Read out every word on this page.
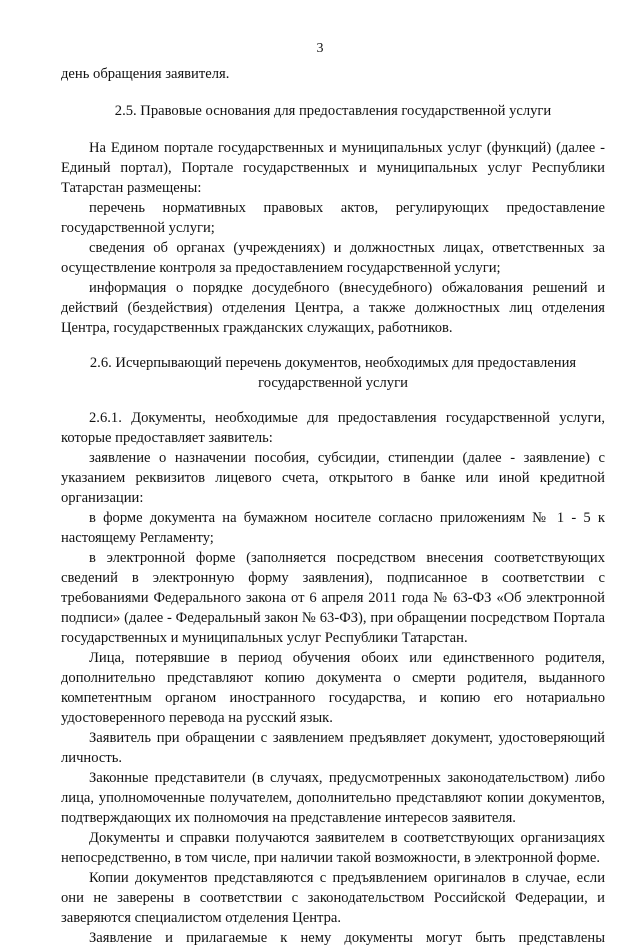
3

день обращения заявителя.

2.5. Правовые основания для предоставления государственной услуги

На Едином портале государственных и муниципальных услуг (функций) (далее - Единый портал), Портале государственных и муниципальных услуг Республики Татарстан размещены:

перечень нормативных правовых актов, регулирующих предоставление государственной услуги;

сведения об органах (учреждениях) и должностных лицах, ответственных за осуществление контроля за предоставлением государственной услуги;

информация о порядке досудебного (внесудебного) обжалования решений и действий (бездействия) отделения Центра, а также должностных лиц отделения Центра, государственных гражданских служащих, работников.

2.6. Исчерпывающий перечень документов, необходимых для предоставления государственной услуги

2.6.1. Документы, необходимые для предоставления государственной услуги, которые предоставляет заявитель:

заявление о назначении пособия, субсидии, стипендии (далее - заявление) с указанием реквизитов лицевого счета, открытого в банке или иной кредитной организации:

в форме документа на бумажном носителе согласно приложениям № 1 - 5 к настоящему Регламенту;

в электронной форме (заполняется посредством внесения соответствующих сведений в электронную форму заявления), подписанное в соответствии с требованиями Федерального закона от 6 апреля 2011 года № 63-ФЗ «Об электронной подписи» (далее - Федеральный закон № 63-ФЗ), при обращении посредством Портала государственных и муниципальных услуг Республики Татарстан.

Лица, потерявшие в период обучения обоих или единственного родителя, дополнительно представляют копию документа о смерти родителя, выданного компетентным органом иностранного государства, и копию его нотариально удостоверенного перевода на русский язык.

Заявитель при обращении с заявлением предъявляет документ, удостоверяющий личность.

Законные представители (в случаях, предусмотренных законодательством) либо лица, уполномоченные получателем, дополнительно представляют копии документов, подтверждающих их полномочия на представление интересов заявителя.

Документы и справки получаются заявителем в соответствующих организациях непосредственно, в том числе, при наличии такой возможности, в электронной форме.

Копии документов представляются с предъявлением оригиналов в случае, если они не заверены в соответствии с законодательством Российской Федерации, и заверяются специалистом отделения Центра.

Заявление и прилагаемые к нему документы могут быть представлены
